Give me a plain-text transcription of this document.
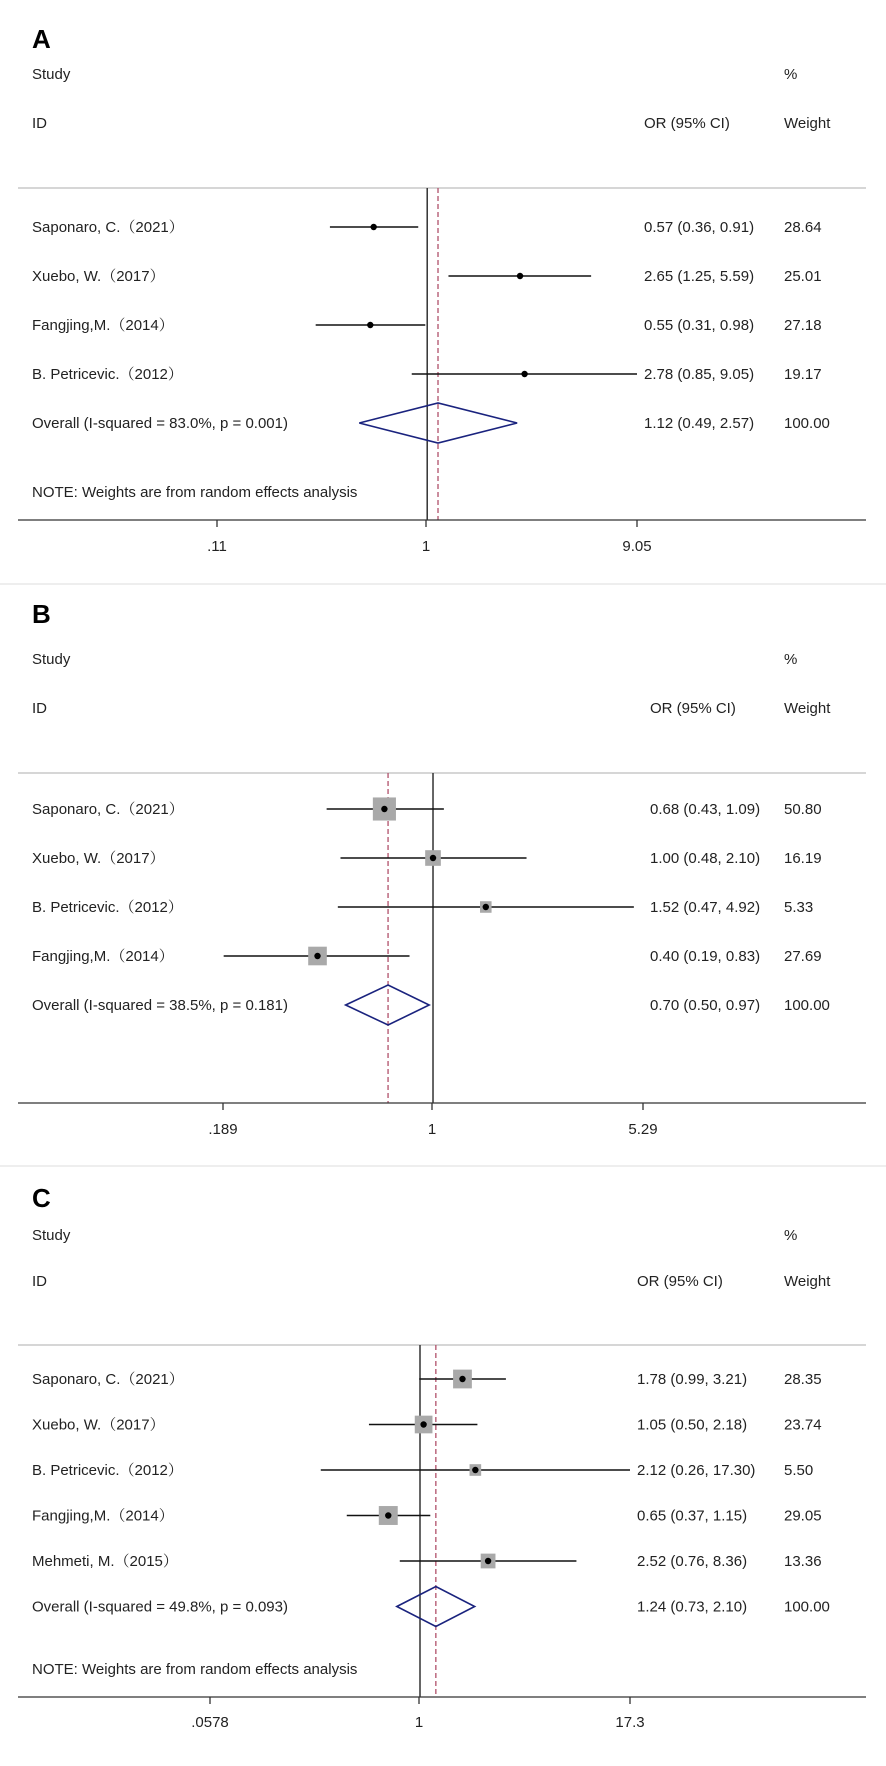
A
Study
ID	OR (95% CI)
%
Weight
Saponaro, C.（2021）	0.57 (0.36, 0.91) 28.64
Xuebo, W.（2017）	2.65 (1.25, 5.59) 25.01
Fangjing,M.（2014）	0.55 (0.31, 0.98) 27.18
B. Petricevic.（2012）	2.78 (0.85, 9.05) 19.17
Overall (I-squared = 83.0%, p = 0.001)	1.12 (0.49, 2.57) 100.00
NOTE: Weights are from random effects analysis
.11	1	9.05
B
Study
ID	OR (95% CI)
%
Weight
Saponaro, C.（2021）	0.68 (0.43, 1.09) 50.80
Xuebo, W.（2017）	1.00 (0.48, 2.10) 16.19
B. Petricevic.（2012）	1.52 (0.47, 4.92) 5.33
Fangjing,M.（2014）	0.40 (0.19, 0.83) 27.69
Overall (I-squared = 38.5%, p = 0.181)	0.70 (0.50, 0.97) 100.00
.189	1	5.29
C
Study
ID	OR (95% CI)
%
Weight
Saponaro, C.（2021）	1.78 (0.99, 3.21) 28.35
Xuebo, W.（2017）	1.05 (0.50, 2.18) 23.74
B. Petricevic.（2012）	2.12 (0.26, 17.30) 5.50
Fangjing,M.（2014）	0.65 (0.37, 1.15) 29.05
Mehmeti, M.（2015）	2.52 (0.76, 8.36) 13.36
Overall (I-squared = 49.8%, p = 0.093)	1.24 (0.73, 2.10) 100.00
NOTE: Weights are from random effects analysis
.0578	1	17.3
